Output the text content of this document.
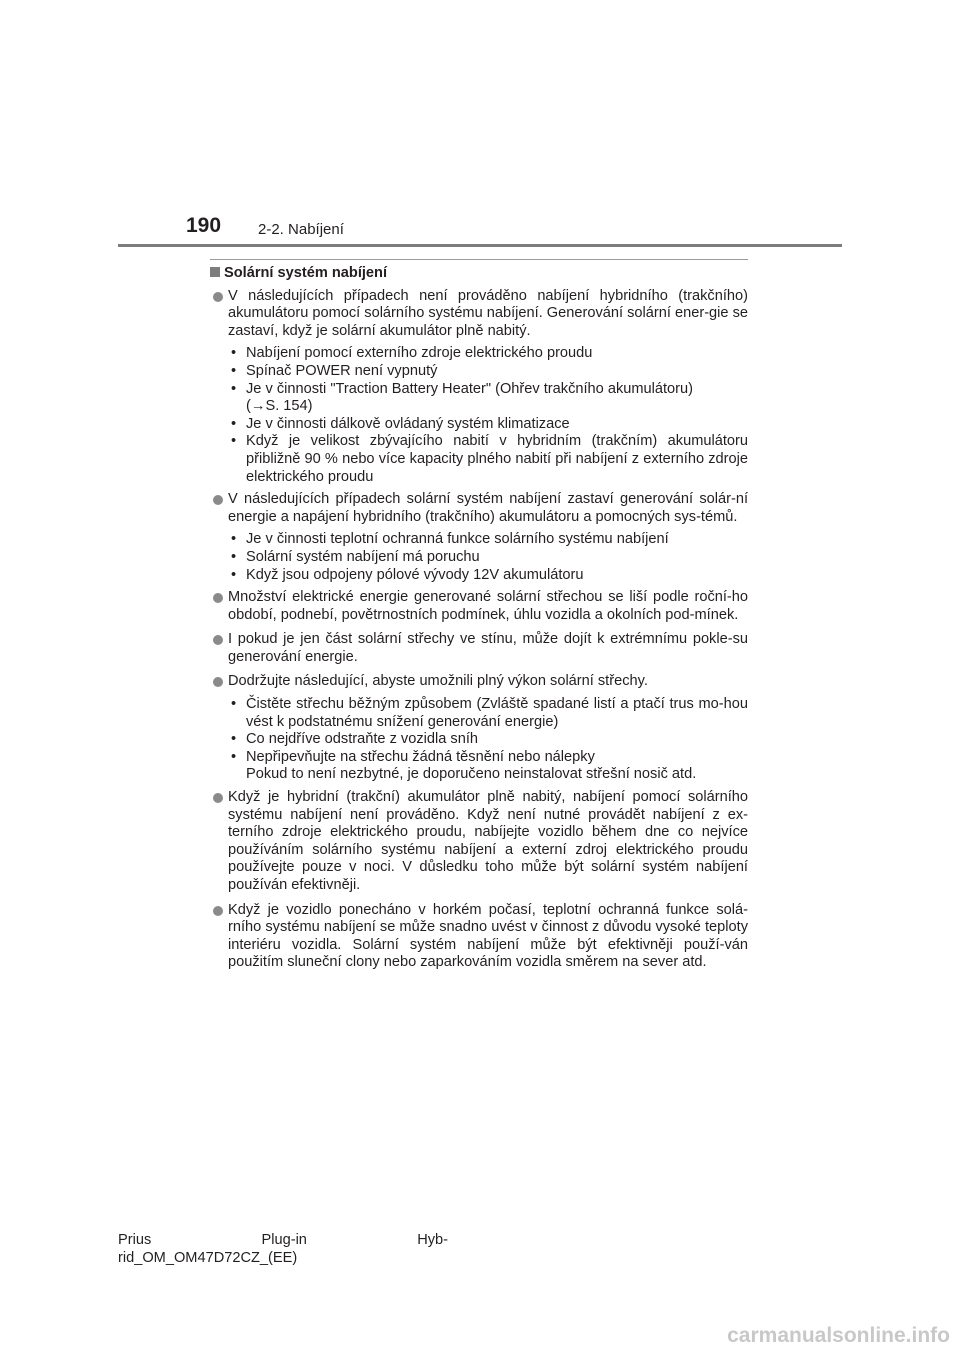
190 2-2. Nabíjení
Solární systém nabíjení
V následujících případech není prováděno nabíjení hybridního (trakčního) akumulátoru pomocí solárního systému nabíjení. Generování solární ener-gie se zastaví, když je solární akumulátor plně nabitý.
• Nabíjení pomocí externího zdroje elektrického proudu
• Spínač POWER není vypnutý
• Je v činnosti "Traction Battery Heater" (Ohřev trakčního akumulátoru)
(→S. 154)
• Je v činnosti dálkově ovládaný systém klimatizace
• Když je velikost zbývajícího nabití v hybridním (trakčním) akumulátoru přibližně 90 % nebo více kapacity plného nabití při nabíjení z externího zdroje elektrického proudu
V následujících případech solární systém nabíjení zastaví generování solár-ní energie a napájení hybridního (trakčního) akumulátoru a pomocných sys-témů.
• Je v činnosti teplotní ochranná funkce solárního systému nabíjení
• Solární systém nabíjení má poruchu
• Když jsou odpojeny pólové vývody 12V akumulátoru
Množství elektrické energie generované solární střechou se liší podle roční-ho období, podnebí, povětrnostních podmínek, úhlu vozidla a okolních pod-mínek.
I pokud je jen část solární střechy ve stínu, může dojít k extrémnímu pokle-su generování energie.
Dodržujte následující, abyste umožnili plný výkon solární střechy.
• Čistěte střechu běžným způsobem (Zvláště spadané listí a ptačí trus mo-hou vést k podstatnému snížení generování energie)
• Co nejdříve odstraňte z vozidla sníh
• Nepřipevňujte na střechu žádná těsnění nebo nálepky
Pokud to není nezbytné, je doporučeno neinstalovat střešní nosič atd.
Když je hybridní (trakční) akumulátor plně nabitý, nabíjení pomocí solárního systému nabíjení není prováděno. Když není nutné provádět nabíjení z ex-terního zdroje elektrického proudu, nabíjejte vozidlo během dne co nejvíce používáním solárního systému nabíjení a externí zdroj elektrického proudu používejte pouze v noci. V důsledku toho může být solární systém nabíjení používán efektivněji.
Když je vozidlo ponecháno v horkém počasí, teplotní ochranná funkce solá-rního systému nabíjení se může snadno uvést v činnost z důvodu vysoké teploty interiéru vozidla. Solární systém nabíjení může být efektivněji použí-ván použitím sluneční clony nebo zaparkováním vozidla směrem na sever atd.
Prius	Plug-in	Hyb-
rid_OM_OM47D72CZ_(EE)
carmanualsonline.info
